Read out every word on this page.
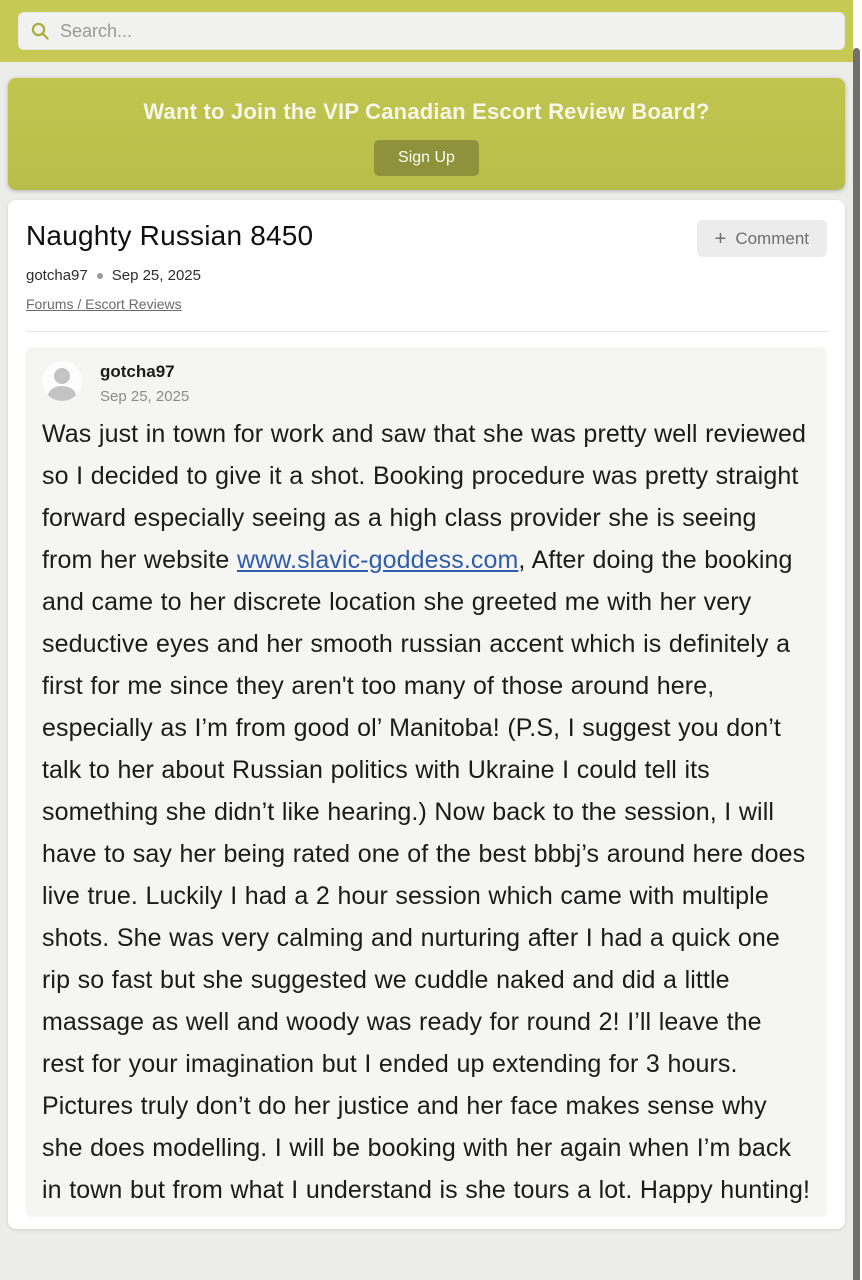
Search...
Want to Join the VIP Canadian Escort Review Board?
Sign Up
Naughty Russian 8450	+ Comment
gotcha97 Sep 25, 2025
Forums / Escort Reviews
gotcha97
Sep 25, 2025
Was just in town for work and saw that she was pretty well reviewed so I decided to give it a shot. Booking procedure was pretty straight forward especially seeing as a high class provider she is seeing from her website www.slavic-goddess.com, After doing the booking and came to her discrete location she greeted me with her very seductive eyes and her smooth russian accent which is definitely a first for me since they aren't too many of those around here, especially as I’m from good ol’ Manitoba! (P.S, I suggest you don’t talk to her about Russian politics with Ukraine I could tell its something she didn’t like hearing.) Now back to the session, I will have to say her being rated one of the best bbbj’s around here does live true. Luckily I had a 2 hour session which came with multiple shots. She was very calming and nurturing after I had a quick one rip so fast but she suggested we cuddle naked and did a little massage as well and woody was ready for round 2! I’ll leave the rest for your imagination but I ended up extending for 3 hours. Pictures truly don’t do her justice and her face makes sense why she does modelling. I will be booking with her again when I’m back in town but from what I understand is she tours a lot. Happy hunting!
